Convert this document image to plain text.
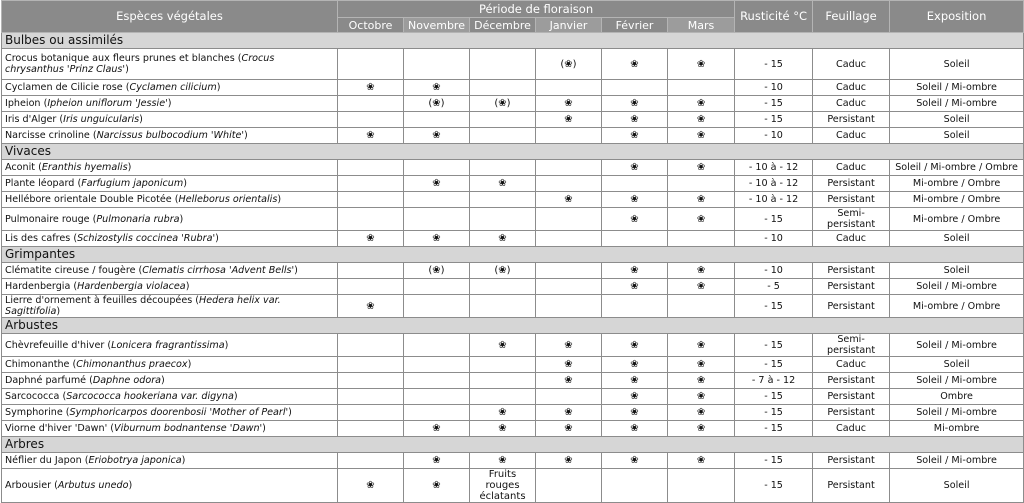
Espèces végétales	Période de floraison						Rusticité °C	Feuillage	Exposition
	Octobre	Novembre	Décembre	Janvier	Février	Mars			
Bulbes ou assimilés									
Crocus botanique aux fleurs prunes et blanches (Crocus chrysanthus 'Prinz Claus')				(❀)	❀	❀	- 15	Caduc	Soleil
Cyclamen de Cilicie rose (Cyclamen cilicium)	❀	❀					- 10	Caduc	Soleil / Mi-ombre
Ipheion (Ipheion uniflorum 'Jessie')		(❀)	(❀)	❀	❀	❀	- 15	Caduc	Soleil / Mi-ombre
Iris d'Alger (Iris unguicularis)				❀	❀	❀	- 15	Persistant	Soleil
Narcisse crinoline (Narcissus bulbocodium 'White')	❀	❀			❀	❀	- 10	Caduc	Soleil
Vivaces									
Aconit (Eranthis hyemalis)					❀	❀	- 10 à - 12	Caduc	Soleil / Mi-ombre / Ombre
Plante léopard (Farfugium japonicum)		❀	❀				- 10 à - 12	Persistant	Mi-ombre / Ombre
Hellébore orientale Double Picotée (Helleborus orientalis)				❀	❀	❀	- 10 à - 12	Persistant	Mi-ombre / Ombre
Pulmonaire rouge (Pulmonaria rubra)					❀	❀	- 15	Semi-persistant	Mi-ombre / Ombre
Lis des cafres (Schizostylis coccinea 'Rubra')	❀	❀	❀				- 10	Caduc	Soleil
Grimpantes									
Clématite cireuse / fougère (Clematis cirrhosa 'Advent Bells')		(❀)	(❀)		❀	❀	- 10	Persistant	Soleil
Hardenbergia (Hardenbergia violacea)					❀	❀	- 5	Persistant	Soleil / Mi-ombre
Lierre d'ornement à feuilles découpées (Hedera helix var. Sagittifolia)	❀						- 15	Persistant	Mi-ombre / Ombre
Arbustes									
Chèvrefeuille d'hiver (Lonicera fragrantissima)			❀	❀	❀	❀	- 15	Semi-persistant	Soleil / Mi-ombre
Chimonanthe (Chimonanthus praecox)				❀	❀	❀	- 15	Caduc	Soleil
Daphné parfumé (Daphne odora)				❀	❀	❀	- 7 à - 12	Persistant	Soleil / Mi-ombre
Sarcococca (Sarcococca hookeriana var. digyna)					❀	❀	- 15	Persistant	Ombre
Symphorine (Symphoricarpos doorenbosii 'Mother of Pearl')			❀	❀	❀	❀	- 15	Persistant	Soleil / Mi-ombre
Viorne d'hiver 'Dawn' (Viburnum bodnantense 'Dawn')		❀	❀	❀	❀	❀	- 15	Caduc	Mi-ombre
Arbres									
Néflier du Japon (Eriobotrya japonica)		❀	❀	❀	❀	❀	- 15	Persistant	Soleil / Mi-ombre
Arbousier (Arbutus unedo)	❀	❀	Fruits rouges éclatants				- 15	Persistant	Soleil
